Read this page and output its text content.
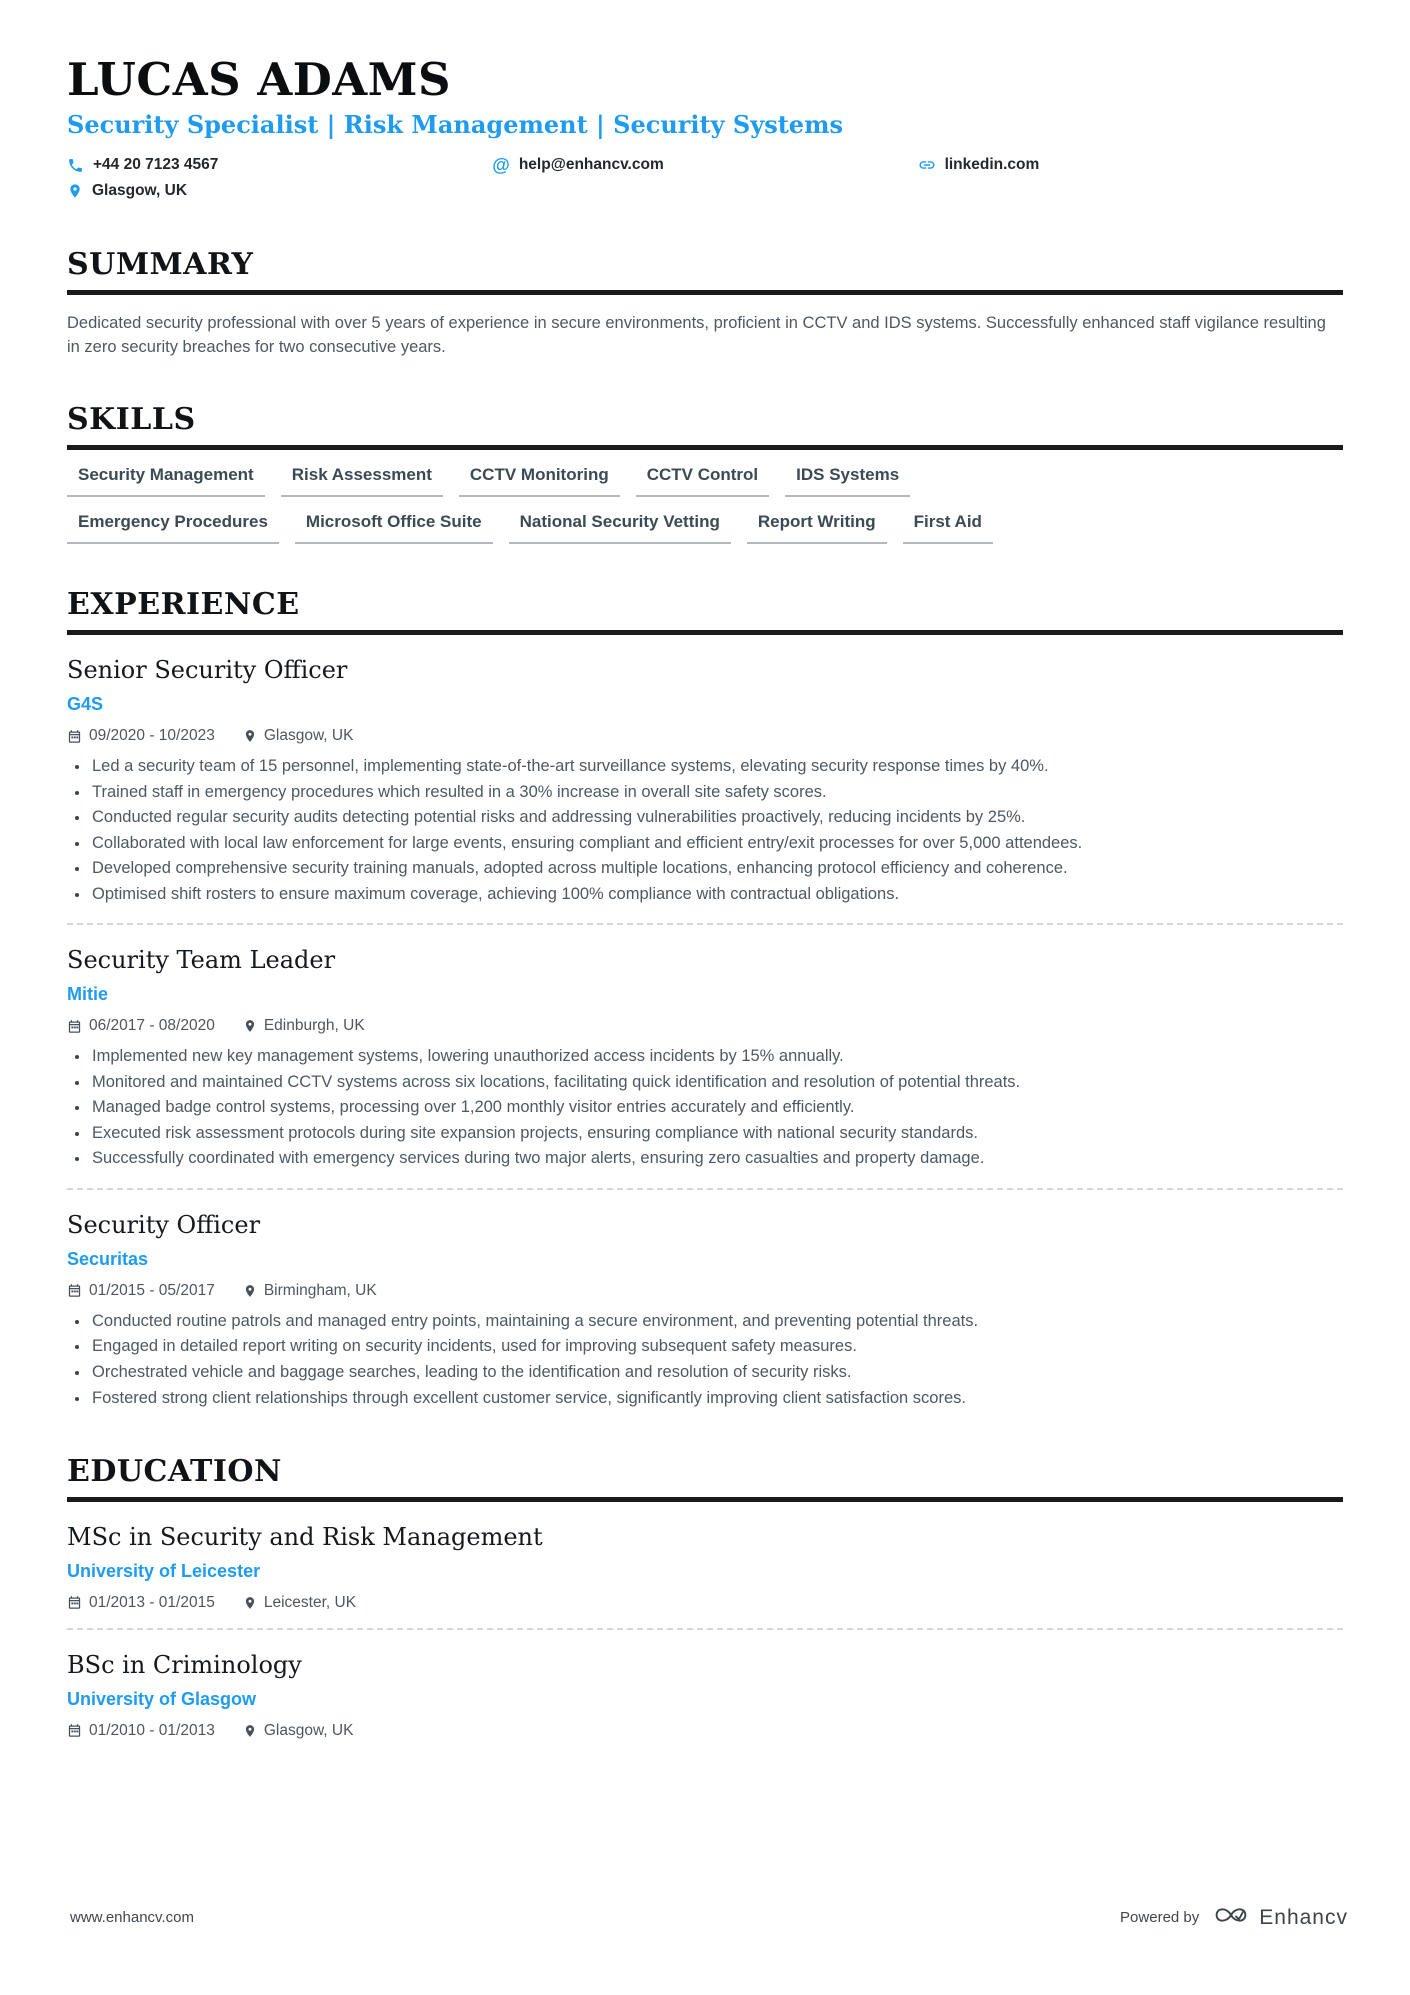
LUCAS ADAMS
Security Specialist | Risk Management | Security Systems
+44 20 7123 4567	@ help@enhancv.com	linkedin.com
Glasgow, UK
SUMMARY
Dedicated security professional with over 5 years of experience in secure environments, proficient in CCTV and IDS systems. Successfully enhanced staff vigilance resulting in zero security breaches for two consecutive years.
SKILLS
Security Management	Risk Assessment	CCTV Monitoring	CCTV Control	IDS Systems
Emergency Procedures	Microsoft Office Suite	National Security Vetting	Report Writing	First Aid
EXPERIENCE
Senior Security Officer
G4S
09/2020 - 10/2023	Glasgow, UK
• Led a security team of 15 personnel, implementing state-of-the-art surveillance systems, elevating security response times by 40%.
• Trained staff in emergency procedures which resulted in a 30% increase in overall site safety scores.
• Conducted regular security audits detecting potential risks and addressing vulnerabilities proactively, reducing incidents by 25%.
• Collaborated with local law enforcement for large events, ensuring compliant and efficient entry/exit processes for over 5,000 attendees.
• Developed comprehensive security training manuals, adopted across multiple locations, enhancing protocol efficiency and coherence.
• Optimised shift rosters to ensure maximum coverage, achieving 100% compliance with contractual obligations.
Security Team Leader
Mitie
06/2017 - 08/2020	Edinburgh, UK
• Implemented new key management systems, lowering unauthorized access incidents by 15% annually.
• Monitored and maintained CCTV systems across six locations, facilitating quick identification and resolution of potential threats.
• Managed badge control systems, processing over 1,200 monthly visitor entries accurately and efficiently.
• Executed risk assessment protocols during site expansion projects, ensuring compliance with national security standards.
• Successfully coordinated with emergency services during two major alerts, ensuring zero casualties and property damage.
Security Officer
Securitas
01/2015 - 05/2017	Birmingham, UK
• Conducted routine patrols and managed entry points, maintaining a secure environment, and preventing potential threats.
• Engaged in detailed report writing on security incidents, used for improving subsequent safety measures.
• Orchestrated vehicle and baggage searches, leading to the identification and resolution of security risks.
• Fostered strong client relationships through excellent customer service, significantly improving client satisfaction scores.
EDUCATION
MSc in Security and Risk Management
University of Leicester
01/2013 - 01/2015	Leicester, UK
BSc in Criminology
University of Glasgow
01/2010 - 01/2013	Glasgow, UK
www.enhancv.com	Powered by	Enhancv
